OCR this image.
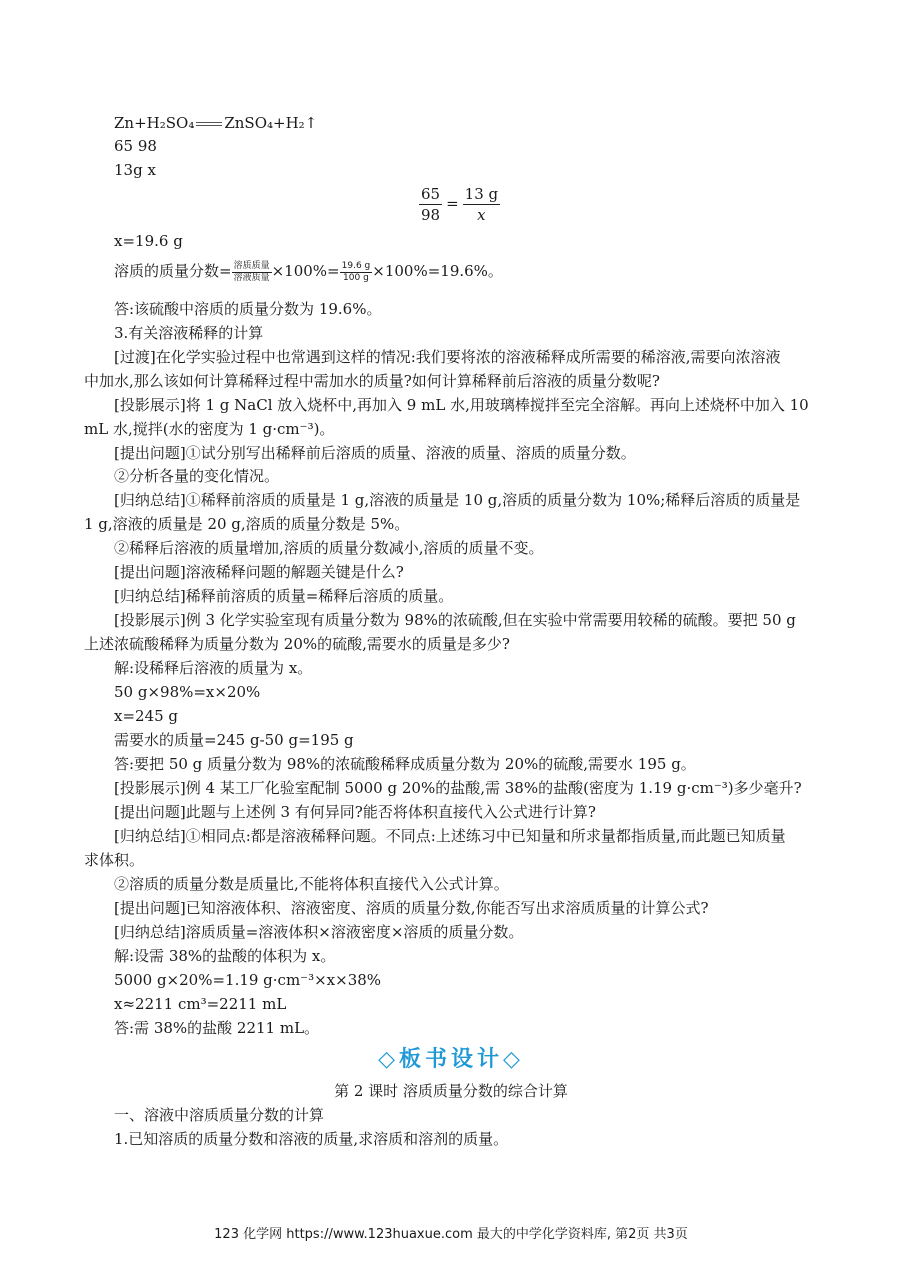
Zn+H₂SO₄ ZnSO₄+H₂↑
65 98
13g x
$\frac{65}{98} = \frac{13 g}{x}$
x=19.6 g
溶质的质量分数= $\frac{\text{溶质质量}}{\text{溶液质量}} \times 100\%= \frac{19.6 g}{100 g} \times 100\%=19.6\%$。
答:该硫酸中溶质的质量分数为 19.6%。
3.有关溶液稀释的计算
[过渡]在化学实验过程中也常遇到这样的情况:我们要将浓的溶液稀释成所需要的稀溶液,需要向浓溶液
中加水,那么该如何计算稀释过程中需加水的质量?如何计算稀释前后溶液的质量分数呢?
[投影展示]将 1 g NaCl 放入烧杯中,再加入 9 mL 水,用玻璃棒搅拌至完全溶解。再向上述烧杯中加入 10
mL 水,搅拌(水的密度为 1 g·cm⁻³)。
[提出问题]①试分别写出稀释前后溶质的质量、溶液的质量、溶质的质量分数。
②分析各量的变化情况。
[归纳总结]①稀释前溶质的质量是 1 g,溶液的质量是 10 g,溶质的质量分数为 10%;稀释后溶质的质量是
1 g,溶液的质量是 20 g,溶质的质量分数是 5%。
②稀释后溶液的质量增加,溶质的质量分数减小,溶质的质量不变。
[提出问题]溶液稀释问题的解题关键是什么?
[归纳总结]稀释前溶质的质量=稀释后溶质的质量。
[投影展示]例 3 化学实验室现有质量分数为 98%的浓硫酸,但在实验中常需要用较稀的硫酸。要把 50 g
上述浓硫酸稀释为质量分数为 20%的硫酸,需要水的质量是多少?
解:设稀释后溶液的质量为 x。
50 g×98%=x×20%
x=245 g
需要水的质量=245 g-50 g=195 g
答:要把 50 g 质量分数为 98%的浓硫酸稀释成质量分数为 20%的硫酸,需要水 195 g。
[投影展示]例 4 某工厂化验室配制 5000 g 20%的盐酸,需 38%的盐酸(密度为 1.19 g·cm⁻³)多少毫升?
[提出问题]此题与上述例 3 有何异同?能否将体积直接代入公式进行计算?
[归纳总结]①相同点:都是溶液稀释问题。不同点:上述练习中已知量和所求量都指质量,而此题已知质量
求体积。
②溶质的质量分数是质量比,不能将体积直接代入公式计算。
[提出问题]已知溶液体积、溶液密度、溶质的质量分数,你能否写出求溶质质量的计算公式?
[归纳总结]溶质质量=溶液体积×溶液密度×溶质的质量分数。
解:设需 38%的盐酸的体积为 x。
5000 g×20%=1.19 g·cm⁻³×x×38%
x≈2211 cm³=2211 mL
答:需 38%的盐酸 2211 mL。
◇板书设计◇
第 2 课时 溶质质量分数的综合计算
一、溶液中溶质质量分数的计算
1.已知溶质的质量分数和溶液的质量,求溶质和溶剂的质量。
123 化学网 https://www.123huaxue.com 最大的中学化学资料库, 第2页 共3页
